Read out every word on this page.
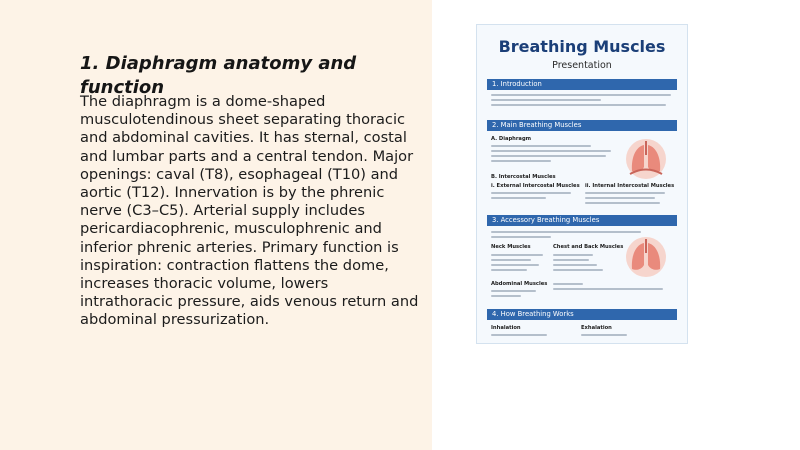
1. Diaphragm anatomy and function

The diaphragm is a dome-shaped musculotendinous sheet separating thoracic and abdominal cavities. It has sternal, costal and lumbar parts and a central tendon. Major openings: caval (T8), esophageal (T10) and aortic (T12). Innervation is by the phrenic nerve (C3–C5). Arterial supply includes pericardiacophrenic, musculophrenic and inferior phrenic arteries. Primary function is inspiration: contraction flattens the dome, increases thoracic volume, lowers intrathoracic pressure, aids venous return and abdominal pressurization.

Breathing Muscles
Presentation
1. Introduction
2. Main Breathing Muscles
A. Diaphragm
B. Intercostal Muscles
i. External Intercostal Muscles ii. Internal Intercostal Muscles
3. Accessory Breathing Muscles
Neck Muscles	Chest and Back Muscles
Abdominal Muscles
4. How Breathing Works
Inhalation	Exhalation
